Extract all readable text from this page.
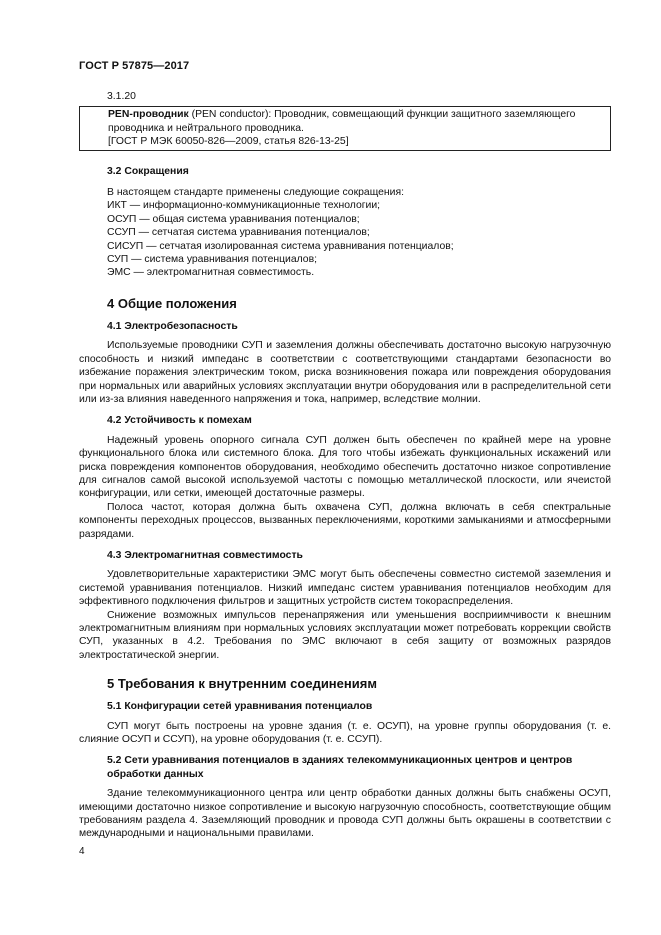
ГОСТ Р 57875—2017
3.1.20
PEN-проводник (PEN conductor): Проводник, совмещающий функции защитного заземляющего проводника и нейтрального проводника.
[ГОСТ Р МЭК 60050-826—2009, статья 826-13-25]
3.2 Сокращения
В настоящем стандарте применены следующие сокращения:
ИКТ — информационно-коммуникационные технологии;
ОСУП — общая система уравнивания потенциалов;
ССУП — сетчатая система уравнивания потенциалов;
СИСУП — сетчатая изолированная система уравнивания потенциалов;
СУП — система уравнивания потенциалов;
ЭМС — электромагнитная совместимость.
4 Общие положения
4.1 Электробезопасность

Используемые проводники СУП и заземления должны обеспечивать достаточно высокую нагрузочную способность и низкий импеданс в соответствии с соответствующими стандартами безопасности во избежание поражения электрическим током, риска возникновения пожара или повреждения оборудования при нормальных или аварийных условиях эксплуатации внутри оборудования или в распределительной сети или из-за влияния наведенного напряжения и тока, например, вследствие молнии.

4.2 Устойчивость к помехам

Надежный уровень опорного сигнала СУП должен быть обеспечен по крайней мере на уровне функционального блока или системного блока. Для того чтобы избежать функциональных искажений или риска повреждения компонентов оборудования, необходимо обеспечить достаточно низкое сопротивление для сигналов самой высокой используемой частоты с помощью металлической плоскости, или ячеистой конфигурации, или сетки, имеющей достаточные размеры.

Полоса частот, которая должна быть охвачена СУП, должна включать в себя спектральные компоненты переходных процессов, вызванных переключениями, короткими замыканиями и атмосферными разрядами.

4.3 Электромагнитная совместимость

Удовлетворительные характеристики ЭМС могут быть обеспечены совместно системой заземления и системой уравнивания потенциалов. Низкий импеданс систем уравнивания потенциалов необходим для эффективного подключения фильтров и защитных устройств систем токораспределения.

Снижение возможных импульсов перенапряжения или уменьшения восприимчивости к внешним электромагнитным влияниям при нормальных условиях эксплуатации может потребовать коррекции свойств СУП, указанных в 4.2. Требования по ЭМС включают в себя защиту от возможных разрядов электростатической энергии.

5 Требования к внутренним соединениям
5.1 Конфигурации сетей уравнивания потенциалов

СУП могут быть построены на уровне здания (т. е. ОСУП), на уровне группы оборудования (т. е. слияние ОСУП и ССУП), на уровне оборудования (т. е. ССУП).

5.2 Сети уравнивания потенциалов в зданиях телекоммуникационных центров и центров обработки данных

Здание телекоммуникационного центра или центр обработки данных должны быть снабжены ОСУП, имеющими достаточно низкое сопротивление и высокую нагрузочную способность, соответствующие общим требованиям раздела 4. Заземляющий проводник и провода СУП должны быть окрашены в соответствии с международными и национальными правилами.

4
